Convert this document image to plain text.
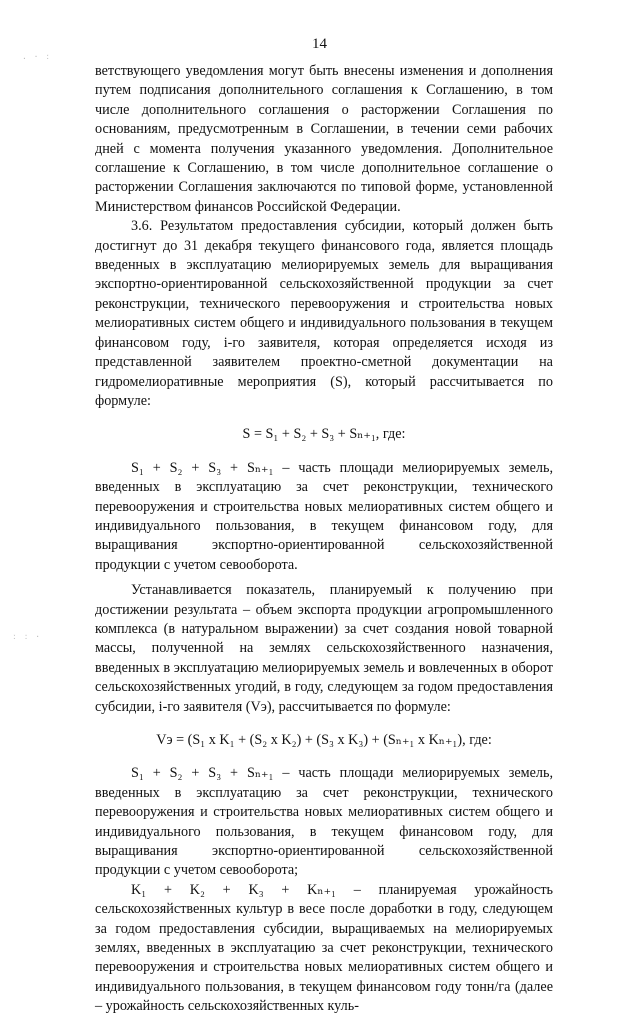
. · ː
ː ː ·
14

ветствующего уведомления могут быть внесены изменения и дополнения путем подписания дополнительного соглашения к Соглашению, в том числе дополнительного соглашения о расторжении Соглашения по основаниям, предусмотренным в Соглашении, в течении семи рабочих дней с момента получения указанного уведомления. Дополнительное соглашение к Соглашению, в том числе дополнительное соглашение о расторжении Соглашения заключаются по типовой форме, установленной Министерством финансов Российской Федерации.

3.6. Результатом предоставления субсидии, который должен быть достигнут до 31 декабря текущего финансового года, является площадь введенных в эксплуатацию мелиорируемых земель для выращивания экспортно-ориентированной сельскохозяйственной продукции за счет реконструкции, технического перевооружения и строительства новых мелиоративных систем общего и индивидуального пользования в текущем финансовом году, i-го заявителя, которая определяется исходя из представленной заявителем проектно-сметной документации на гидромелиоративные мероприятия (S), который рассчитывается по формуле:

S = S₁ + S₂ + S₃ + Sₙ₊₁, где:

S₁ + S₂ + S₃ + Sₙ₊₁ – часть площади мелиорируемых земель, введенных в эксплуатацию за счет реконструкции, технического перевооружения и строительства новых мелиоративных систем общего и индивидуального пользования, в текущем финансовом году, для выращивания экспортно-ориентированной сельскохозяйственной продукции с учетом севооборота.

Устанавливается показатель, планируемый к получению при достижении результата – объем экспорта продукции агропромышленного комплекса (в натуральном выражении) за счет создания новой товарной массы, полученной на землях сельскохозяйственного назначения, введенных в эксплуатацию мелиорируемых земель и вовлеченных в оборот сельскохозяйственных угодий, в году, следующем за годом предоставления субсидии, i-го заявителя (Vэ), рассчитывается по формуле:

Vэ = (S₁ x K₁ + (S₂ x K₂) + (S₃ x K₃) + (Sₙ₊₁ x Kₙ₊₁), где:

S₁ + S₂ + S₃ + Sₙ₊₁ – часть площади мелиорируемых земель, введенных в эксплуатацию за счет реконструкции, технического перевооружения и строительства новых мелиоративных систем общего и индивидуального пользования, в текущем финансовом году, для выращивания экспортно-ориентированной сельскохозяйственной продукции с учетом севооборота;

K₁ + K₂ + K₃ + Kₙ₊₁ – планируемая урожайность сельскохозяйственных культур в весе после доработки в году, следующем за годом предоставления субсидии, выращиваемых на мелиорируемых землях, введенных в эксплуатацию за счет реконструкции, технического перевооружения и строительства новых мелиоративных систем общего и индивидуального пользования, в текущем финансовом году тонн/га (далее – урожайность сельскохозяйственных куль-
